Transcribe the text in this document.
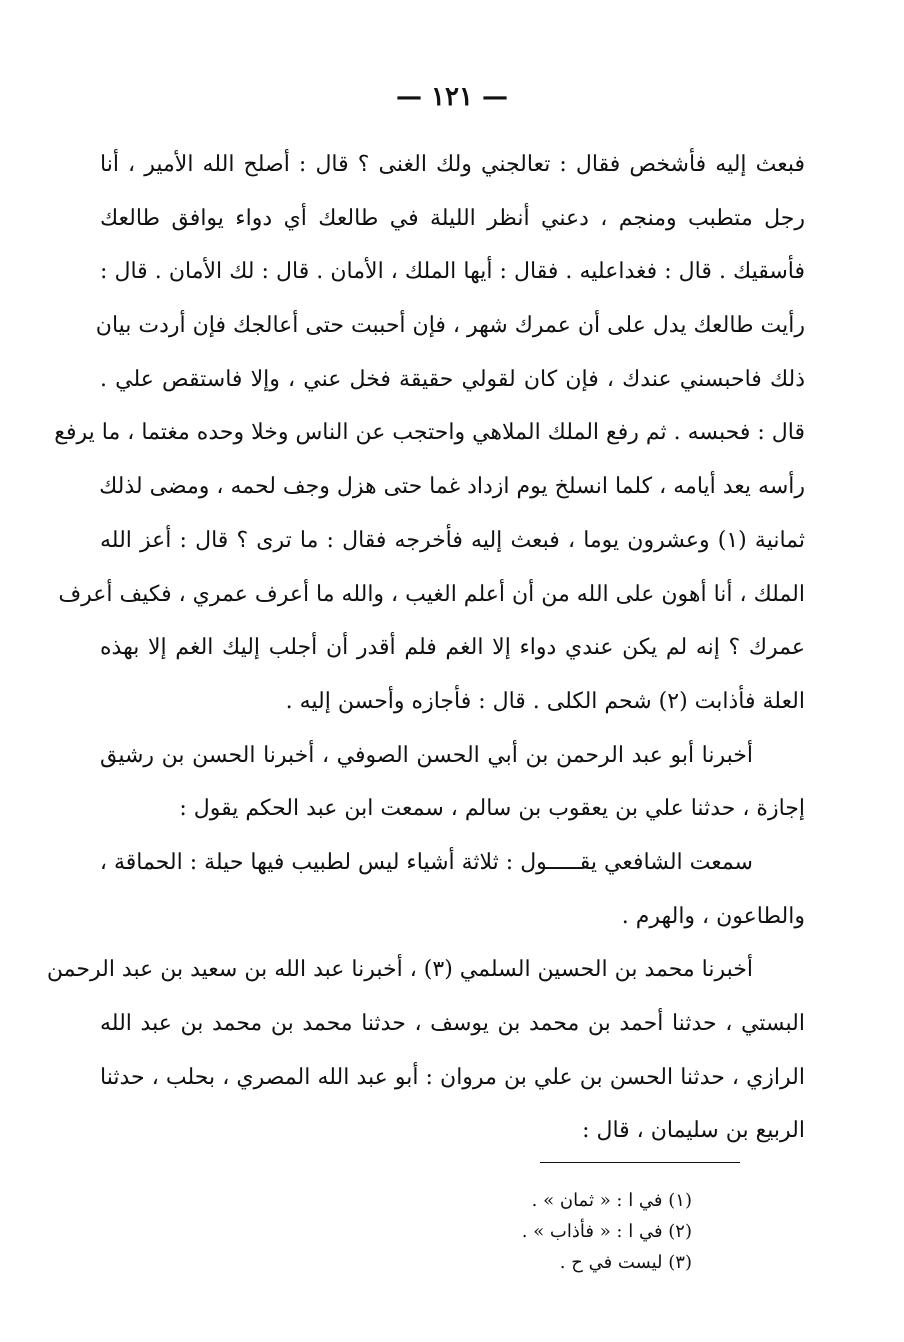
— ١٢١ —
فبعث إليه فأشخص فقال : تعالجني ولك الغنى ؟ قال : أصلح الله الأمير ، أنا
رجل متطبب ومنجم ، دعني أنظر الليلة في طالعك أي دواء يوافق طالعك
فأسقيك . قال : فغداعليه . فقال : أيها الملك ، الأمان . قال : لك الأمان . قال :
رأيت طالعك يدل على أن عمرك شهر ، فإن أحببت حتى أعالجك فإن أردت بيان
ذلك فاحبسني عندك ، فإن كان لقولي حقيقة فخل عني ، وإلا فاستقص علي .
قال : فحبسه . ثم رفع الملك الملاهي واحتجب عن الناس وخلا وحده مغتما ، ما يرفع
رأسه يعد أيامه ، كلما انسلخ يوم ازداد غما حتى هزل وجف لحمه ، ومضى لذلك
ثمانية (١) وعشرون يوما ، فبعث إليه فأخرجه فقال : ما ترى ؟ قال : أعز الله
الملك ، أنا أهون على الله من أن أعلم الغيب ، والله ما أعرف عمري ، فكيف أعرف
عمرك ؟ إنه لم يكن عندي دواء إلا الغم فلم أقدر أن أجلب إليك الغم إلا بهذه
العلة فأذابت (٢) شحم الكلى . قال : فأجازه وأحسن إليه .
أخبرنا أبو عبد الرحمن بن أبي الحسن الصوفي ، أخبرنا الحسن بن رشيق
إجازة ، حدثنا علي بن يعقوب بن سالم ، سمعت ابن عبد الحكم يقول :
سمعت الشافعي يقـــــول : ثلاثة أشياء ليس لطبيب فيها حيلة : الحماقة ،
والطاعون ، والهرم .
أخبرنا محمد بن الحسين السلمي (٣) ، أخبرنا عبد الله بن سعيد بن عبد الرحمن
البستي ، حدثنا أحمد بن محمد بن يوسف ، حدثنا محمد بن محمد بن عبد الله
الرازي ، حدثنا الحسن بن علي بن مروان : أبو عبد الله المصري ، بحلب ، حدثنا
الربيع بن سليمان ، قال :
(١) في ا : « ثمان » .
(٢) في ا : « فأذاب » .
(٣) ليست في ح .
